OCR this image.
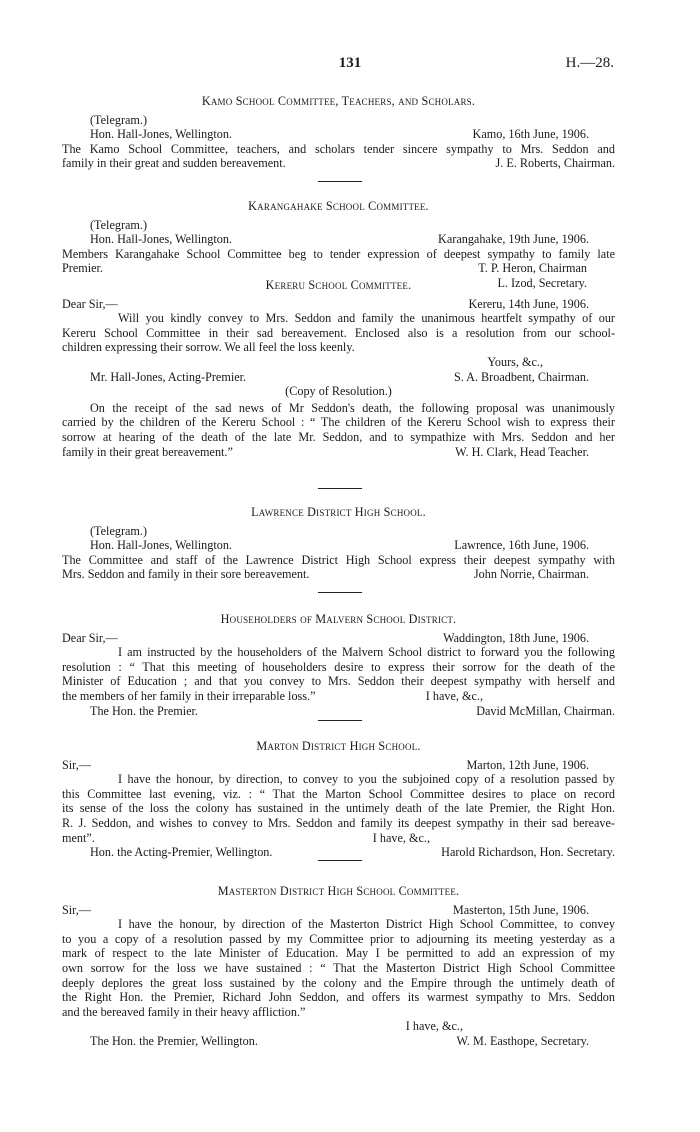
131	H.—28.
Kamo School Committee, Teachers, and Scholars.
(Telegram.)
Hon. Hall-Jones, Wellington.	Kamo, 16th June, 1906.
The Kamo School Committee, teachers, and scholars tender sincere sympathy to Mrs. Seddon and
family in their great and sudden bereavement.	J. E. Roberts, Chairman.
Karangahake School Committee.
(Telegram.)
Hon. Hall-Jones, Wellington.	Karangahake, 19th June, 1906.
Members Karangahake School Committee beg to tender expression of deepest sympathy to family late
Premier.	T. P. Heron, Chairman
L. Izod, Secretary.
Kereru School Committee.
Dear Sir,—	Kereru, 14th June, 1906.
Will you kindly convey to Mrs. Seddon and family the unanimous heartfelt sympathy of our
Kereru School Committee in their sad bereavement. Enclosed also is a resolution from our school-
children expressing their sorrow. We all feel the loss keenly.
Yours, &c.,
Mr. Hall-Jones, Acting-Premier.	S. A. Broadbent, Chairman.
(Copy of Resolution.)
On the receipt of the sad news of Mr Seddon's death, the following proposal was unanimously
carried by the children of the Kereru School : “ The children of the Kereru School wish to express their
sorrow at hearing of the death of the late Mr. Seddon, and to sympathize with Mrs. Seddon and her
family in their great bereavement.”	W. H. Clark, Head Teacher.
Lawrence District High School.
(Telegram.)
Hon. Hall-Jones, Wellington.	Lawrence, 16th June, 1906.
The Committee and staff of the Lawrence District High School express their deepest sympathy with
Mrs. Seddon and family in their sore bereavement.	John Norrie, Chairman.
Householders of Malvern School District.
Dear Sir,—	Waddington, 18th June, 1906.
I am instructed by the householders of the Malvern School district to forward you the following
resolution : “ That this meeting of householders desire to express their sorrow for the death of the
Minister of Education ; and that you convey to Mrs. Seddon their deepest sympathy with herself and
the members of her family in their irreparable loss.”	I have, &c.,
The Hon. the Premier.	David McMillan, Chairman.
Marton District High School.
Sir,—	Marton, 12th June, 1906.
I have the honour, by direction, to convey to you the subjoined copy of a resolution passed by
this Committee last evening, viz. : “ That the Marton School Committee desires to place on record
its sense of the loss the colony has sustained in the untimely death of the late Premier, the Right Hon.
R. J. Seddon, and wishes to convey to Mrs. Seddon and family its deepest sympathy in their sad bereave-
ment”.	I have, &c.,
Hon. the Acting-Premier, Wellington.	Harold Richardson, Hon. Secretary.
Masterton District High School Committee.
Sir,—	Masterton, 15th June, 1906.
I have the honour, by direction of the Masterton District High School Committee, to convey
to you a copy of a resolution passed by my Committee prior to adjourning its meeting yesterday as a
mark of respect to the late Minister of Education. May I be permitted to add an expression of my
own sorrow for the loss we have sustained : “ That the Masterton District High School Committee
deeply deplores the great loss sustained by the colony and the Empire through the untimely death of
the Right Hon. the Premier, Richard John Seddon, and offers its warmest sympathy to Mrs. Seddon
and the bereaved family in their heavy affliction.”
I have, &c.,
The Hon. the Premier, Wellington.	W. M. Easthope, Secretary.
